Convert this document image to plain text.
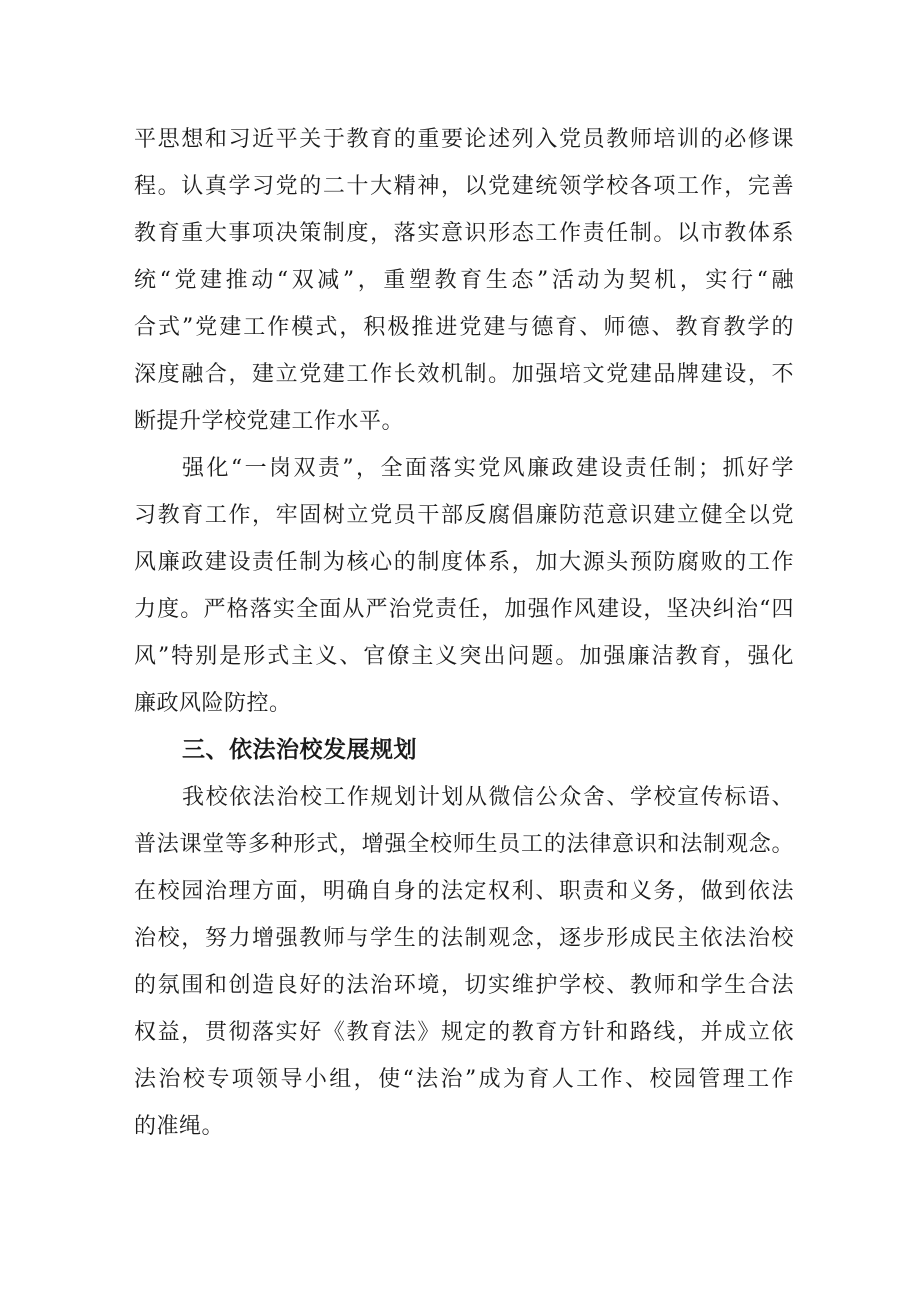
平思想和习近平关于教育的重要论述列入党员教师培训的必修课
程。认真学习党的二十大精神，以党建统领学校各项工作，完善
教育重大事项决策制度，落实意识形态工作责任制。以市教体系
统“党建推动“双减”，重塑教育生态”活动为契机，实行“融
合式”党建工作模式，积极推进党建与德育、师德、教育教学的
深度融合，建立党建工作长效机制。加强培文党建品牌建设，不
断提升学校党建工作水平。
强化“一岗双责”，全面落实党风廉政建设责任制；抓好学
习教育工作，牢固树立党员干部反腐倡廉防范意识建立健全以党
风廉政建设责任制为核心的制度体系，加大源头预防腐败的工作
力度。严格落实全面从严治党责任，加强作风建设，坚决纠治“四
风”特别是形式主义、官僚主义突出问题。加强廉洁教育，强化
廉政风险防控。
三、依法治校发展规划
我校依法治校工作规划计划从微信公众舍、学校宣传标语、
普法课堂等多种形式，增强全校师生员工的法律意识和法制观念。
在校园治理方面，明确自身的法定权利、职责和义务，做到依法
治校，努力增强教师与学生的法制观念，逐步形成民主依法治校
的氛围和创造良好的法治环境，切实维护学校、教师和学生合法
权益，贯彻落实好《教育法》规定的教育方针和路线，并成立依
法治校专项领导小组，使“法治”成为育人工作、校园管理工作
的准绳。
